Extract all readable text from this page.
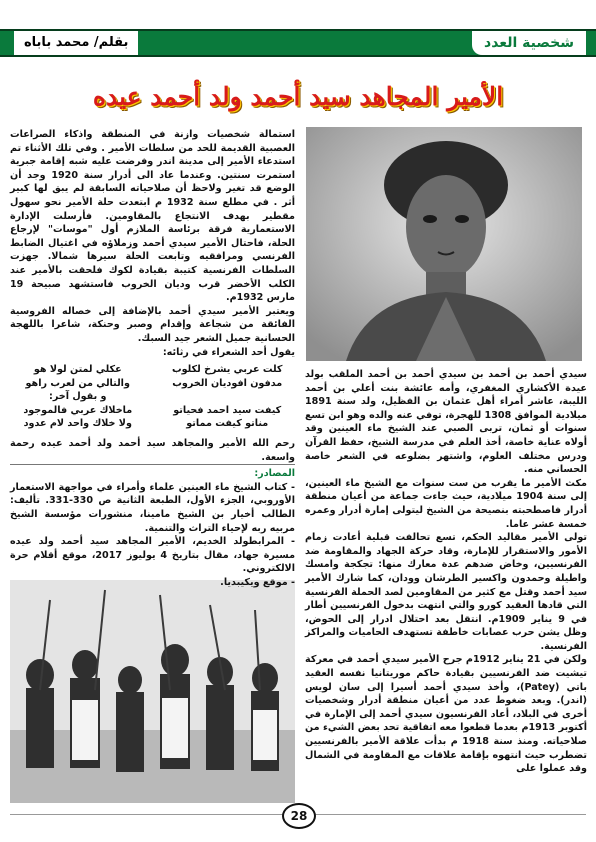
بقلم/ محمد باباه	شخصية العدد
الأمير المجاهد سيد أحمد ولد أحمد عيده

استمالة شخصيات وازنة في المنطقة واذكاء الصراعات العصبية القديمة للحد من سلطات الأمير . وفي تلك الأثناء تم استدعاء الأمير إلى مدينة اندر وفرضت عليه شبه إقامة جبرية استمرت سنتين. وعندما عاد الى أدرار سنة 1920 وجد أن الوضع قد تغير ولاحظ أن صلاحياته السابقة لم يبق لها كبير أثر . في مطلع سنة 1932 م ابتعدت حلة الأمير نحو سهول مقطير بهدف الانتجاع بالمقاومين. فأرسلت الإدارة الاستعمارية فرقة برئاسة الملازم أول "موسات" لإرجاع الحلة، فاحتال الأمير سيدي أحمد وزملاؤه في اغتيال الضابط الفرنسي ومرافقيه وتابعت الحلة سيرها شمالا. جهزت السلطات الفرنسية كتيبة بقيادة لكوك فلحقت بالأمير عند الكلب الأخضر قرب وديان الخروب فاستشهد صبيحة 19 مارس 1932م.

ويعتبر الأمير سيدي أحمد بالإضافة إلى خصاله الفروسية الفائقة من شجاعة وإقدام وصبر وحنكة، شاعرا باللهجة الحسانية جميل الشعر جيد السبك.

يقول أحد الشعراء في رثائه:

كلت عربي يشرخ لكلوب
عكلي لمتن لولا هو
مدفون افوديان الخروب
والتالي من لعرب راهو
و بقول آخر:
كيفت سيد احمد فحياتو
ماخلاك عربي فالموجود
مناتو كيفت مماتو
ولا خلاك واحد لام عدود

رحم الله الأمير والمجاهد سيد أحمد ولد أحمد عيده رحمة واسعة.

المصادر:

- كتاب الشيخ ماء العينين علماء وأمراء في مواجهة الاستعمار الأوروبي، الجزء الأول، الطبعة الثانية ص 330-331. تأليف: الطالب أخيار بن الشيخ مامينا، منشورات مؤسسة الشيخ مربيه ربه لإحياء التراث والتنمية.

- المرابطولد الخديم، الأمير المجاهد سيد أحمد ولد عيده مسيرة جهاد، مقال بتاريخ 4 يوليوز 2017، موقع أقلام حرة الالكتروني.

- موقع ويكيبديا.

سيدي أحمد بن أحمد بن سيدي أحمد بن أحمد الملقب بولد عيدة الأكشاري المغفري، وأمه عائشة بنت أعلي بن أحمد الليبة، عاشر أمراء أهل عثمان بن الفظيل، ولد سنة 1891 ميلادية الموافق 1308 للهجرة، توفي عنه والده وهو ابن تسع سنوات أو ثمان، تربى الصبي عند الشيخ ماء العينين وقد أولاه عناية خاصة، أخذ العلم في مدرسة الشيخ، حفظ القرآن ودرس مختلف العلوم، واشتهر بضلوعه في الشعر خاصة الحساني منه.

مكث الأمير ما يقرب من ست سنوات مع الشيخ ماء العينين، إلى سنة 1904 ميلادية، حيث جاءت جماعة من أعيان منطقة أدرار فاصطحبته بنصيحة من الشيخ ليتولى إمارة أدرار وعمره خمسة عشر عاما.

تولى الأمير مقاليد الحكم، تسع تحالفت قبلية أعادت زمام الأمور والاستقرار للإمارة، وقاد حركة الجهاد والمقاومة ضد الفرنسيين، وخاض ضدهم عدة معارك منها: تجكجة وامسك واطيلة وحمدون واكسير الطرشان وودان، كما شارك الأمير سيد أحمد وقتل مع كثير من المقاومين لصد الحملة الفرنسية التي قادها العقيد كورو والتي انتهت بدخول الفرنسيين أطار في 9 يناير 1909م. انتقل بعد احتلال ادرار إلى الحوض، وظل يشن حرب عصابات خاطفة تستهدف الحاميات والمراكز الفرنسية.

ولكن في 21 يناير 1912م جرح الأمير سيدي أحمد في معركة تيشيت ضد الفرنسيين بقيادة حاكم موريتانيا نفسه العقيد باتي (Patey)، وأخذ سيدي أحمد أسيرا إلى سان لويس (اندر). وبعد ضغوط عدد من أعيان منطقة أدرار وشخصيات أخرى في البلاد، أعاد الفرنسيون سيدي أحمد إلى الإمارة في أكتوبر 1913م بعدما قطعوا معه اتفاقية تحد بعض الشيء من صلاحياته. ومنذ سنة 1918 م بدأت علاقة الأمير بالفرنسيين تضطرب حيث انتهوه بإقامة علاقات مع المقاومة في الشمال وقد عملوا على

28
